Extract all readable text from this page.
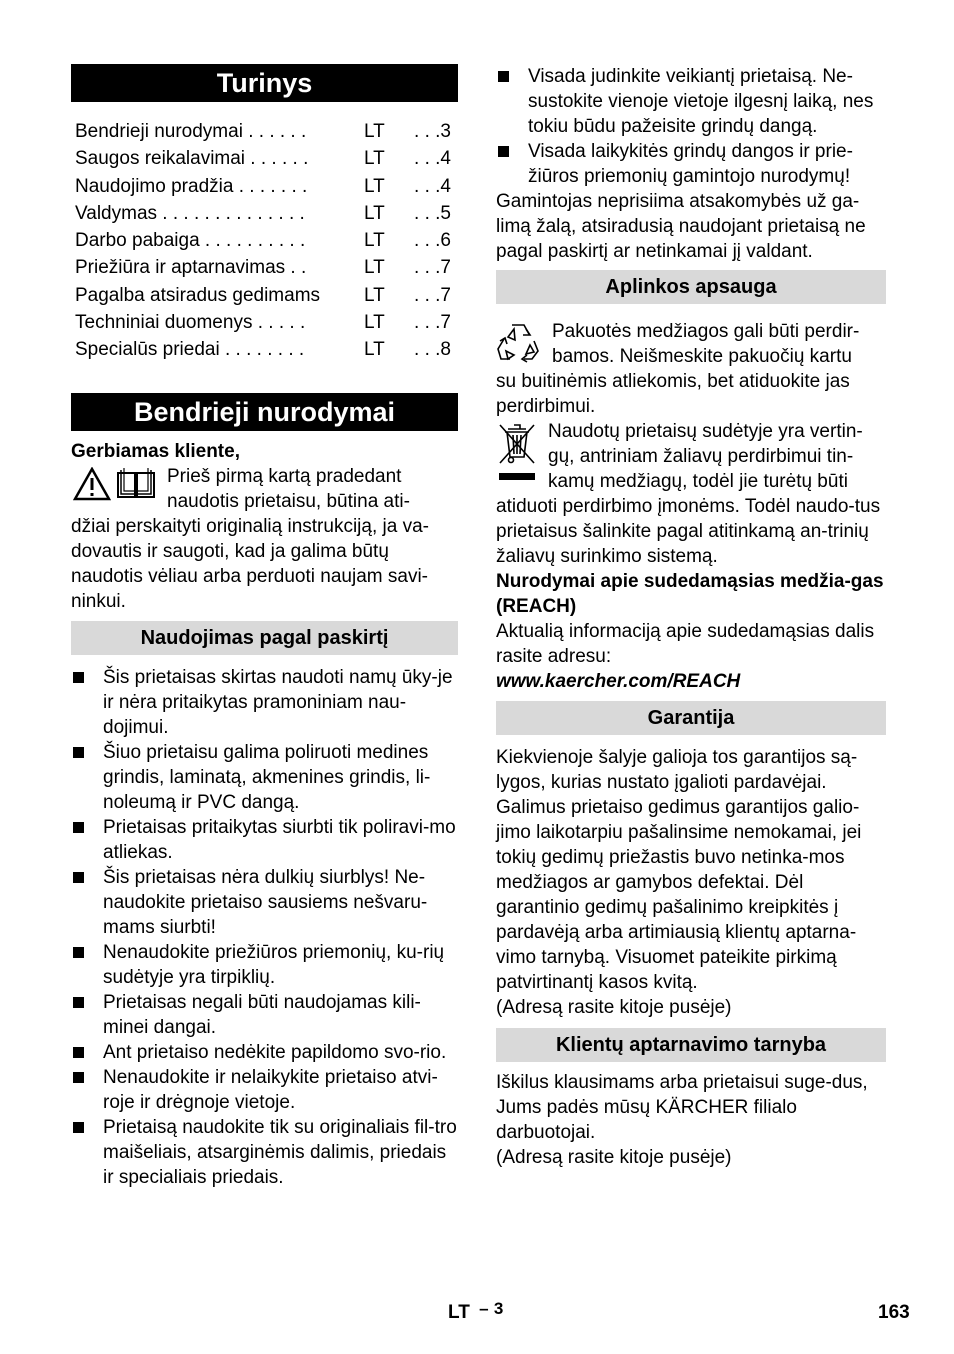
Turinys
Bendrieji nurodymai . . . . . .	LT	. . .3
Saugos reikalavimai . . . . . .	LT	. . .4
Naudojimo pradžia . . . . . . .	LT	. . .4
Valdymas . . . . . . . . . . . . . .	LT	. . .5
Darbo pabaiga . . . . . . . . . .	LT	. . .6
Priežiūra ir aptarnavimas . .	LT	. . .7
Pagalba atsiradus gedimams	LT	. . .7
Techniniai duomenys . . . . .	LT	. . .7
Specialūs priedai . . . . . . . .	LT	. . .8
Bendrieji nurodymai

Gerbiamas kliente,

Prieš pirmą kartą pradedant
naudotis prietaisu, būtina ati-

džiai perskaityti originalią instrukciją, ja va-dovautis ir saugoti, kad ja galima būtų naudotis vėliau arba perduoti naujam savi-ninkui.

Naudojimas pagal paskirtį
Šis prietaisas skirtas naudoti namų ūky-je ir nėra pritaikytas pramoniniam nau-dojimui.
Šiuo prietaisu galima poliruoti medines grindis, laminatą, akmenines grindis, li-noleumą ir PVC dangą.
Prietaisas pritaikytas siurbti tik poliravi-mo atliekas.
Šis prietaisas nėra dulkių siurblys! Ne-naudokite prietaiso sausiems nešvaru-mams siurbti!
Nenaudokite priežiūros priemonių, ku-rių sudėtyje yra tirpiklių.
Prietaisas negali būti naudojamas kili-minei dangai.
Ant prietaiso nedėkite papildomo svo-rio.
Nenaudokite ir nelaikykite prietaiso atvi-roje ir drėgnoje vietoje.
Prietaisą naudokite tik su originaliais fil-tro maišeliais, atsarginėmis dalimis, priedais ir specialiais priedais.
Visada judinkite veikiantį prietaisą. Ne-sustokite vienoje vietoje ilgesnį laiką, nes tokiu būdu pažeisite grindų dangą.
Visada laikykitės grindų dangos ir prie-žiūros priemonių gamintojo nurodymų!

Gamintojas neprisiima atsakomybės už ga-limą žalą, atsiradusią naudojant prietaisą ne pagal paskirtį ar netinkamai jį valdant.

Aplinkos apsauga
Pakuotės medžiagos gali būti perdir-
bamos. Neišmeskite pakuočių kartu

su buitinėmis atliekomis, bet atiduokite jas perdirbimui.

Naudotų prietaisų sudėtyje yra vertin-
gų, antriniam žaliavų perdirbimui tin-
kamų medžiagų, todėl jie turėtų būti

atiduoti perdirbimo įmonėms. Todėl naudo-tus prietaisus šalinkite pagal atitinkamą an-trinių žaliavų surinkimo sistemą.

Nurodymai apie sudedamąsias medžia-gas (REACH)

Aktualią informaciją apie sudedamąsias dalis rasite adresu:

www.kaercher.com/REACH

Garantija

Kiekvienoje šalyje galioja tos garantijos są-lygos, kurias nustato įgalioti pardavėjai. Galimus prietaiso gedimus garantijos galio-jimo laikotarpiu pašalinsime nemokamai, jei tokių gedimų priežastis buvo netinka-mos medžiagos ar gamybos defektai. Dėl garantinio gedimų pašalinimo kreipkitės į pardavėją arba artimiausią klientų aptarna-vimo tarnybą. Visuomet pateikite pirkimą patvirtinantį kasos kvitą.

(Adresą rasite kitoje pusėje)

Klientų aptarnavimo tarnyba

Iškilus klausimams arba prietaisui suge-dus, Jums padės mūsų KÄRCHER filialo darbuotojai.

(Adresą rasite kitoje pusėje)

LT – 3	163
